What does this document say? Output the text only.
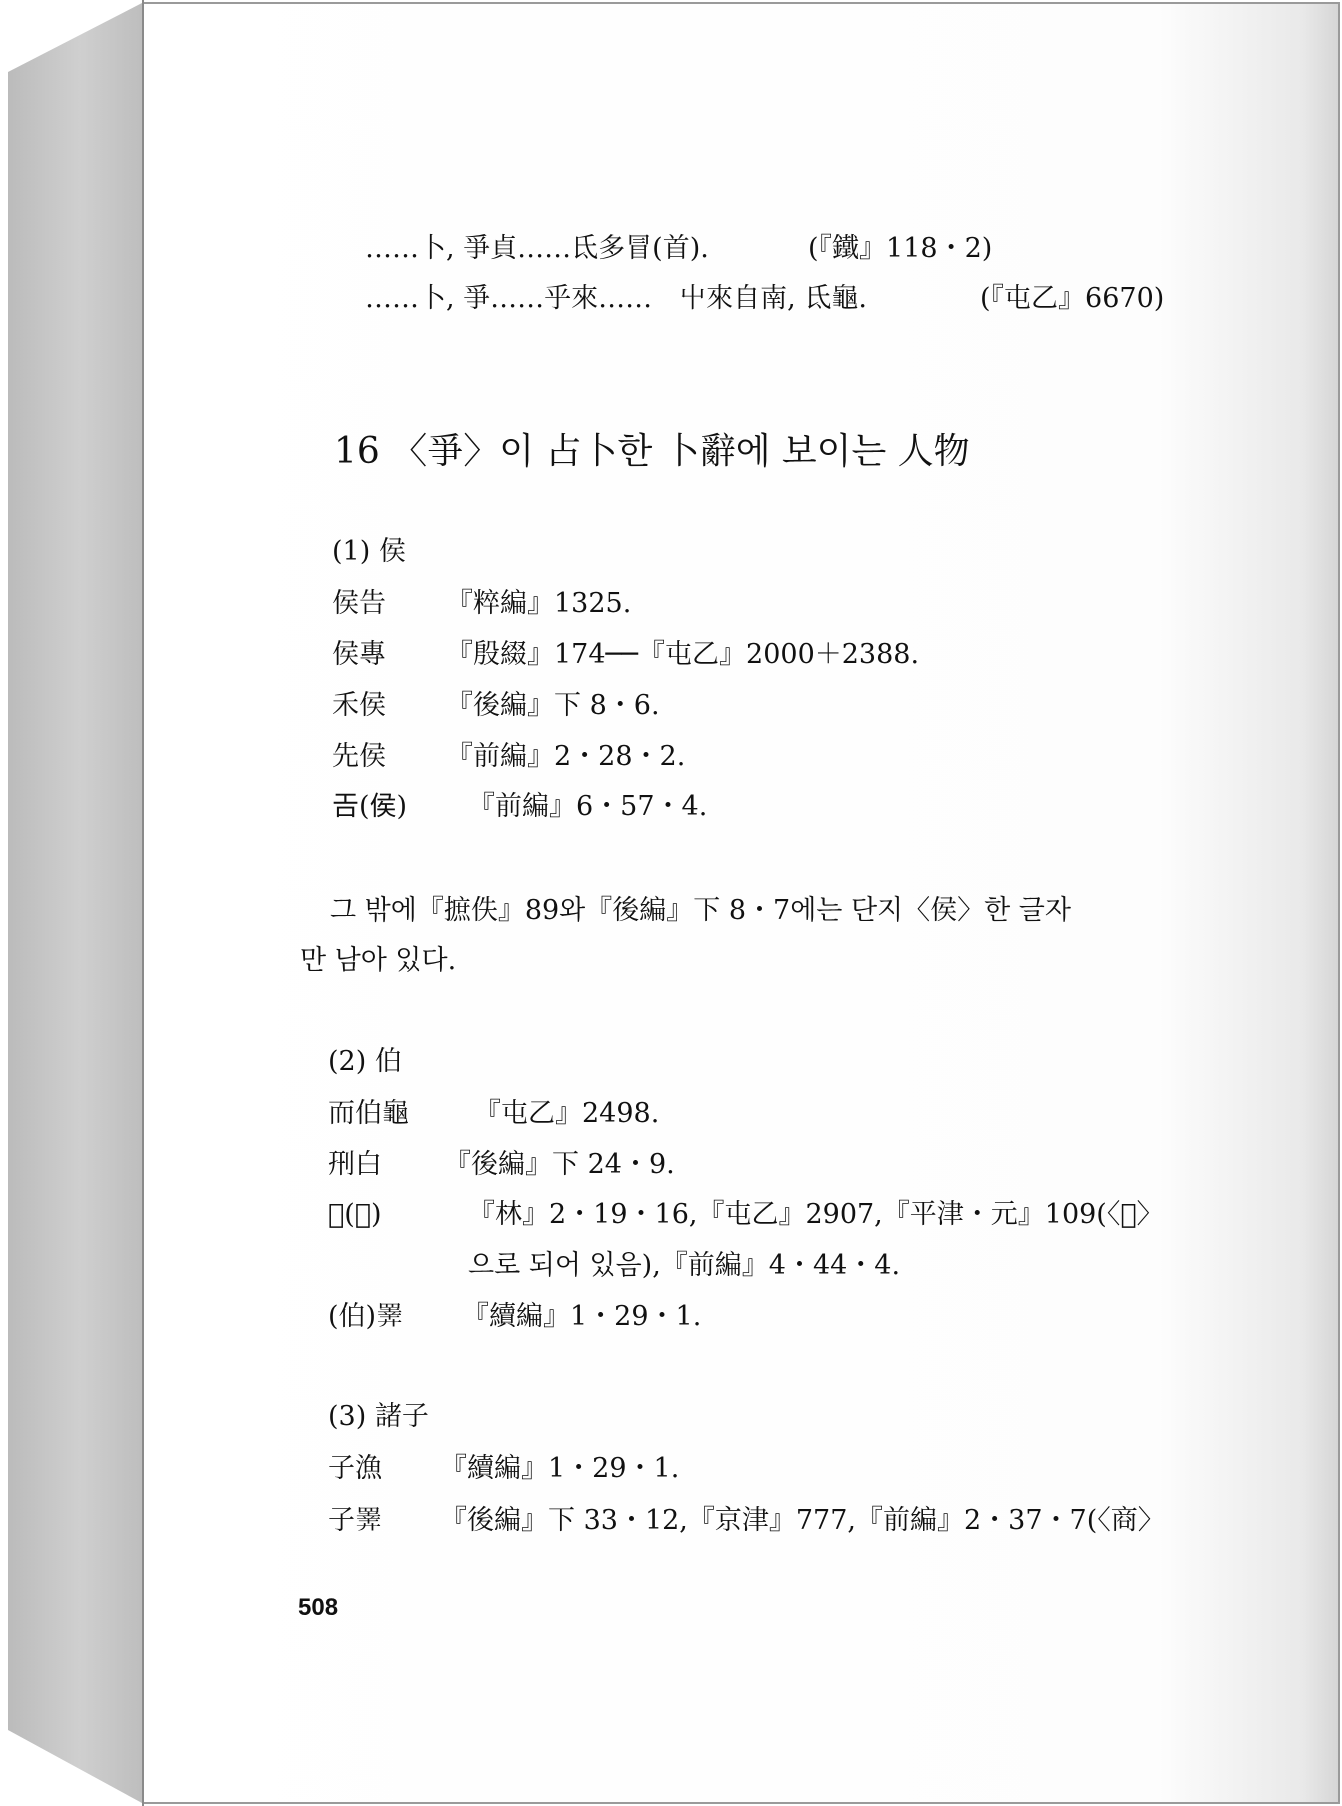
……卜, 爭貞……氐多冒(首).	(『鐵』118・2)
……卜, 爭……乎來……　屮來自南, 氐龜.	(『屯乙』6670)
16 〈爭〉이 占卜한 卜辭에 보이는 人物
(1) 侯
侯告 『粹編』1325.
侯專 『殷綴』174──『屯乙』2000＋2388.
禾侯 『後編』下 8・6.
先侯 『前編』2・28・2.
𢀛(侯) 『前編』6・57・4.
그 밖에『摭佚』89와『後編』下 8・7에는 단지〈侯〉한 글자
만 남아 있다.
(2) 伯
而伯龜 『屯乙』2498.
𠛬白 『後編』下 24・9.
𡵂(伯)	『林』2・19・16,『屯乙』2907,『平津・元』109(〈𡶚〉
으로 되어 있음),『前編』4・44・4.
(伯)𢍰 『續編』1・29・1.
(3) 諸子
子漁 『續編』1・29・1.
子𢍰 『後編』下 33・12,『京津』777,『前編』2・37・7(〈商〉
508
